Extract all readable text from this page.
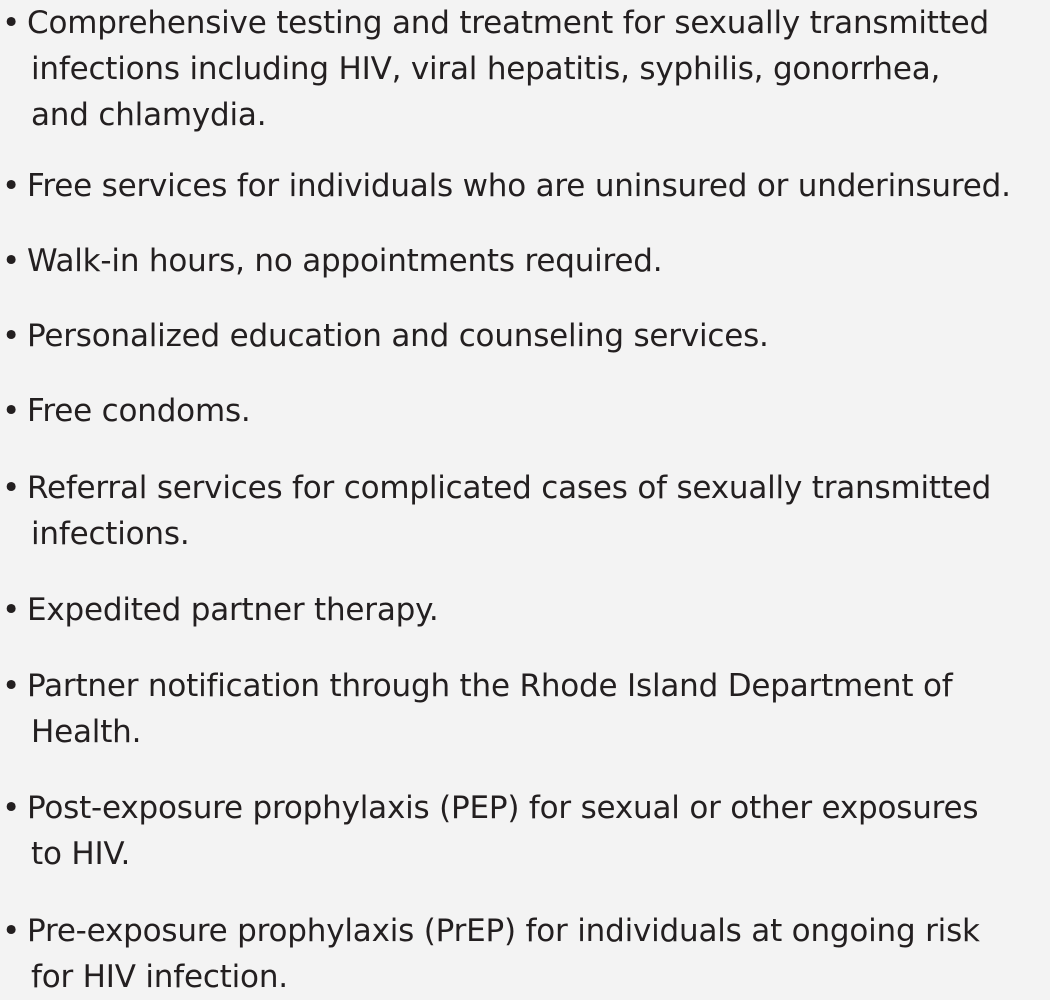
• Comprehensive testing and treatment for sexually transmitted
infections including HIV, viral hepatitis, syphilis, gonorrhea,
and chlamydia.
• Free services for individuals who are uninsured or underinsured.
• Walk-in hours, no appointments required.
• Personalized education and counseling services.
• Free condoms.
• Referral services for complicated cases of sexually transmitted
infections.
• Expedited partner therapy.
• Partner notification through the Rhode Island Department of
Health.
• Post-exposure prophylaxis (PEP) for sexual or other exposures
to HIV.
• Pre-exposure prophylaxis (PrEP) for individuals at ongoing risk
for HIV infection.
